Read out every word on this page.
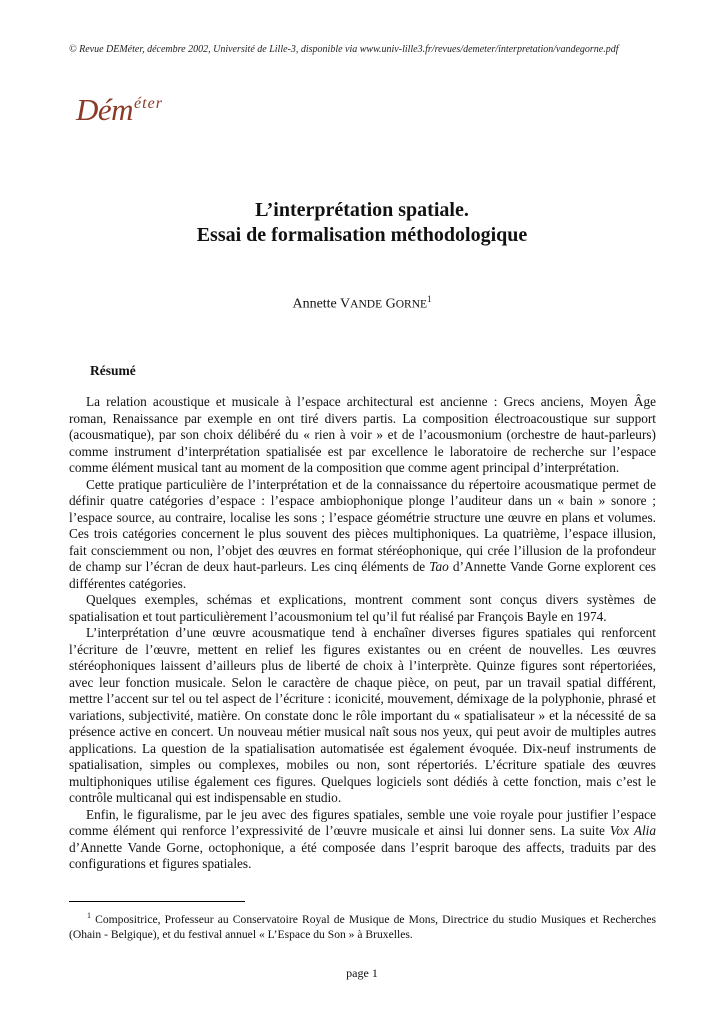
© Revue DEMéter, décembre 2002, Université de Lille-3, disponible via www.univ-lille3.fr/revues/demeter/interpretation/vandegorne.pdf
Déméter
L’interprétation spatiale.
Essai de formalisation méthodologique
Annette VANDE GORNE$^1$
Résumé

La relation acoustique et musicale à l’espace architectural est ancienne : Grecs anciens, Moyen Âge roman, Renaissance par exemple en ont tiré divers partis. La composition électroacoustique sur support (acousmatique), par son choix délibéré du « rien à voir » et de l’acousmonium (orchestre de haut-parleurs) comme instrument d’interprétation spatialisée est par excellence le laboratoire de recherche sur l’espace comme élément musical tant au moment de la composition que comme agent principal d’interprétation.

Cette pratique particulière de l’interprétation et de la connaissance du répertoire acousmatique permet de définir quatre catégories d’espace : l’espace ambiophonique plonge l’auditeur dans un « bain » sonore ; l’espace source, au contraire, localise les sons ; l’espace géométrie structure une œuvre en plans et volumes. Ces trois catégories concernent le plus souvent des pièces multiphoniques. La quatrième, l’espace illusion, fait consciemment ou non, l’objet des œuvres en format stéréophonique, qui crée l’illusion de la profondeur de champ sur l’écran de deux haut-parleurs. Les cinq éléments de Tao d’Annette Vande Gorne explorent ces différentes catégories.

Quelques exemples, schémas et explications, montrent comment sont conçus divers systèmes de spatialisation et tout particulièrement l’acousmonium tel qu’il fut réalisé par François Bayle en 1974.

L’interprétation d’une œuvre acousmatique tend à enchaîner diverses figures spatiales qui renforcent l’écriture de l’œuvre, mettent en relief les figures existantes ou en créent de nouvelles. Les œuvres stéréophoniques laissent d’ailleurs plus de liberté de choix à l’interprète. Quinze figures sont répertoriées, avec leur fonction musicale. Selon le caractère de chaque pièce, on peut, par un travail spatial différent, mettre l’accent sur tel ou tel aspect de l’écriture : iconicité, mouvement, démixage de la polyphonie, phrasé et variations, subjectivité, matière. On constate donc le rôle important du « spatialisateur » et la nécessité de sa présence active en concert. Un nouveau métier musical naît sous nos yeux, qui peut avoir de multiples autres applications. La question de la spatialisation automatisée est également évoquée. Dix-neuf instruments de spatialisation, simples ou complexes, mobiles ou non, sont répertoriés. L’écriture spatiale des œuvres multiphoniques utilise également ces figures. Quelques logiciels sont dédiés à cette fonction, mais c’est le contrôle multicanal qui est indispensable en studio.

Enfin, le figuralisme, par le jeu avec des figures spatiales, semble une voie royale pour justifier l’espace comme élément qui renforce l’expressivité de l’œuvre musicale et ainsi lui donner sens. La suite Vox Alia d’Annette Vande Gorne, octophonique, a été composée dans l’esprit baroque des affects, traduits par des configurations et figures spatiales.

$^1$ Compositrice, Professeur au Conservatoire Royal de Musique de Mons, Directrice du studio Musiques et Recherches (Ohain - Belgique), et du festival annuel « L’Espace du Son » à Bruxelles.
page 1
